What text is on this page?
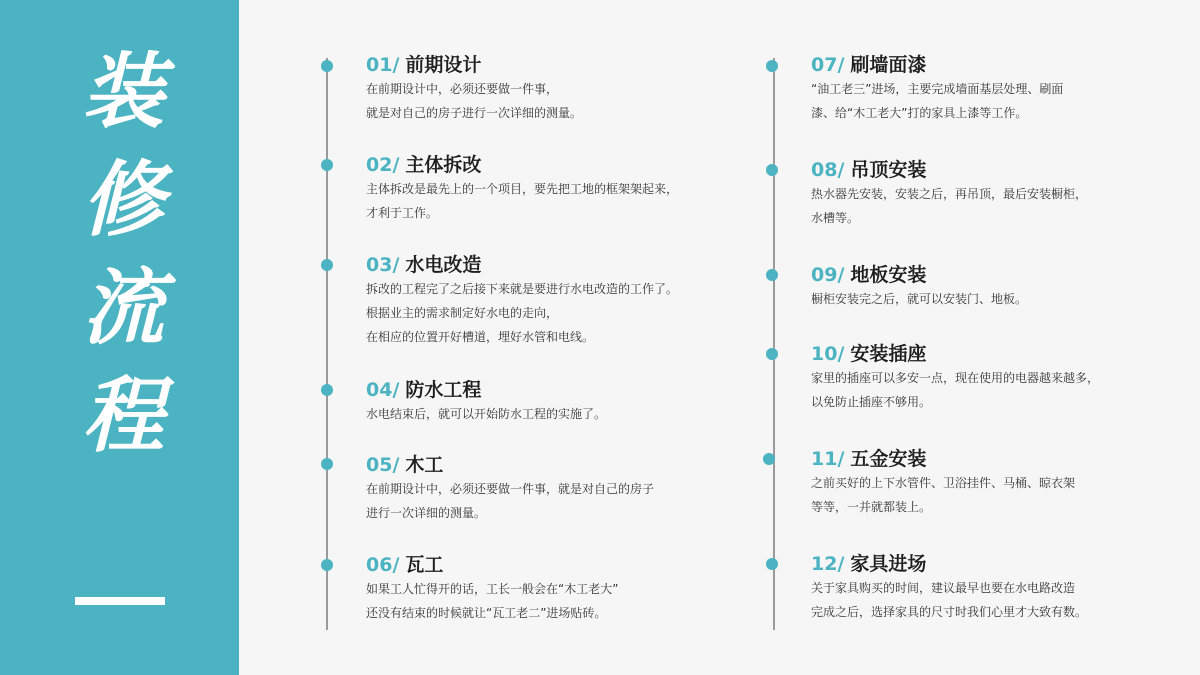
装
修
流
程
01/ 前期设计
在前期设计中，必须还要做一件事，
就是对自己的房子进行一次详细的测量。
02/ 主体拆改
主体拆改是最先上的一个项目，要先把工地的框架架起来，
才利于工作。
03/ 水电改造
拆改的工程完了之后接下来就是要进行水电改造的工作了。
根据业主的需求制定好水电的走向，
在相应的位置开好槽道，埋好水管和电线。
04/ 防水工程
水电结束后，就可以开始防水工程的实施了。
05/ 木工
在前期设计中，必须还要做一件事，就是对自己的房子
进行一次详细的测量。
06/ 瓦工
如果工人忙得开的话，工长一般会在“木工老大”
还没有结束的时候就让“瓦工老二”进场贴砖。
07/ 刷墙面漆
“油工老三”进场，主要完成墙面基层处理、刷面
漆、给“木工老大”打的家具上漆等工作。
08/ 吊顶安装
热水器先安装，安装之后，再吊顶，最后安装橱柜，
水槽等。
09/ 地板安装
橱柜安装完之后，就可以安装门、地板。
10/ 安装插座
家里的插座可以多安一点，现在使用的电器越来越多，
以免防止插座不够用。
11/ 五金安装
之前买好的上下水管件、卫浴挂件、马桶、晾衣架
等等，一并就都装上。
12/ 家具进场
关于家具购买的时间，建议最早也要在水电路改造
完成之后，选择家具的尺寸时我们心里才大致有数。
